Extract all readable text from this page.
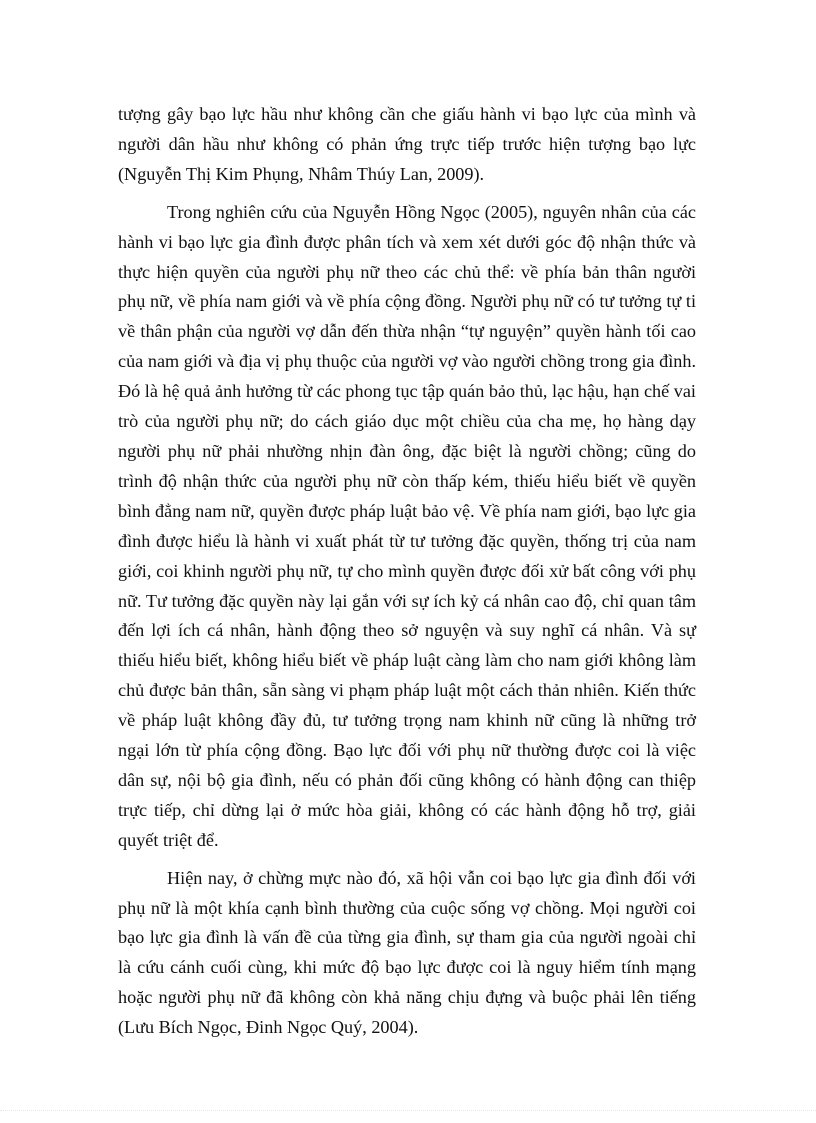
tượng gây bạo lực hầu như không cần che giấu hành vi bạo lực của mình và người dân hầu như không có phản ứng trực tiếp trước hiện tượng bạo lực (Nguyễn Thị Kim Phụng, Nhâm Thúy Lan, 2009).

Trong nghiên cứu của Nguyễn Hồng Ngọc (2005), nguyên nhân của các hành vi bạo lực gia đình được phân tích và xem xét dưới góc độ nhận thức và thực hiện quyền của người phụ nữ theo các chủ thể: về phía bản thân người phụ nữ, về phía nam giới và về phía cộng đồng. Người phụ nữ có tư tưởng tự ti về thân phận của người vợ dẫn đến thừa nhận “tự nguyện” quyền hành tối cao của nam giới và địa vị phụ thuộc của người vợ vào người chồng trong gia đình. Đó là hệ quả ảnh hưởng từ các phong tục tập quán bảo thủ, lạc hậu, hạn chế vai trò của người phụ nữ; do cách giáo dục một chiều của cha mẹ, họ hàng dạy người phụ nữ phải nhường nhịn đàn ông, đặc biệt là người chồng; cũng do trình độ nhận thức của người phụ nữ còn thấp kém, thiếu hiểu biết về quyền bình đẳng nam nữ, quyền được pháp luật bảo vệ. Về phía nam giới, bạo lực gia đình được hiểu là hành vi xuất phát từ tư tưởng đặc quyền, thống trị của nam giới, coi khinh người phụ nữ, tự cho mình quyền được đối xử bất công với phụ nữ. Tư tưởng đặc quyền này lại gắn với sự ích kỷ cá nhân cao độ, chỉ quan tâm đến lợi ích cá nhân, hành động theo sở nguyện và suy nghĩ cá nhân. Và sự thiếu hiểu biết, không hiểu biết về pháp luật càng làm cho nam giới không làm chủ được bản thân, sẵn sàng vi phạm pháp luật một cách thản nhiên. Kiến thức về pháp luật không đầy đủ, tư tưởng trọng nam khinh nữ cũng là những trở ngại lớn từ phía cộng đồng. Bạo lực đối với phụ nữ thường được coi là việc dân sự, nội bộ gia đình, nếu có phản đối cũng không có hành động can thiệp trực tiếp, chỉ dừng lại ở mức hòa giải, không có các hành động hỗ trợ, giải quyết triệt để.

Hiện nay, ở chừng mực nào đó, xã hội vẫn coi bạo lực gia đình đối với phụ nữ là một khía cạnh bình thường của cuộc sống vợ chồng. Mọi người coi bạo lực gia đình là vấn đề của từng gia đình, sự tham gia của người ngoài chỉ là cứu cánh cuối cùng, khi mức độ bạo lực được coi là nguy hiểm tính mạng hoặc người phụ nữ đã không còn khả năng chịu đựng và buộc phải lên tiếng (Lưu Bích Ngọc, Đinh Ngọc Quý, 2004).
